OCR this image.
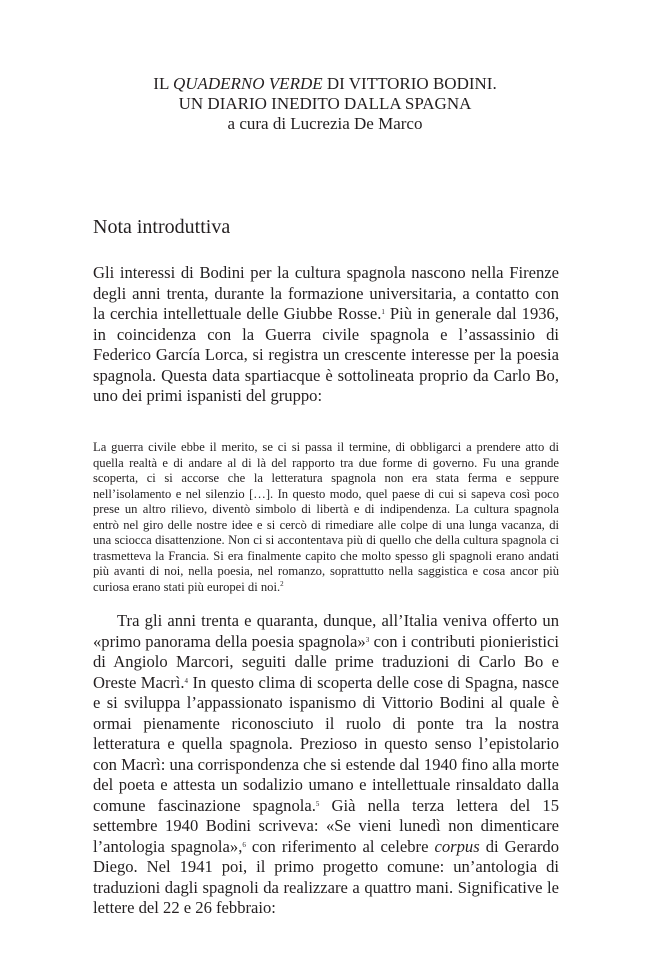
IL QUADERNO VERDE DI VITTORIO BODINI.
UN DIARIO INEDITO DALLA SPAGNA
a cura di Lucrezia De Marco
Nota introduttiva

Gli interessi di Bodini per la cultura spagnola nascono nella Firenze degli anni trenta, durante la formazione universitaria, a contatto con la cerchia intellettuale delle Giubbe Rosse.$^1$ Più in generale dal 1936, in coincidenza con la Guerra civile spagnola e l’assassinio di Federico García Lorca, si registra un crescente interesse per la poesia spagnola. Questa data spartiacque è sottolineata proprio da Carlo Bo, uno dei primi ispanisti del gruppo:

La guerra civile ebbe il merito, se ci si passa il termine, di obbligarci a prendere atto di quella realtà e di andare al di là del rapporto tra due forme di governo. Fu una grande scoperta, ci si accorse che la letteratura spagnola non era stata ferma e seppure nell’isolamento e nel silenzio […]. In questo modo, quel paese di cui si sapeva così poco prese un altro rilievo, diventò simbolo di libertà e di indipendenza. La cultura spagnola entrò nel giro delle nostre idee e si cercò di rimediare alle colpe di una lunga vacanza, di una sciocca disattenzione. Non ci si accontentava più di quello che della cultura spagnola ci trasmetteva la Francia. Si era finalmente capito che molto spesso gli spagnoli erano andati più avanti di noi, nella poesia, nel romanzo, soprattutto nella saggistica e cosa ancor più curiosa erano stati più europei di noi.$^2$

Tra gli anni trenta e quaranta, dunque, all’Italia veniva offerto un «primo panorama della poesia spagnola»$^3$ con i contributi pionieristici di Angiolo Marcori, seguiti dalle prime traduzioni di Carlo Bo e Oreste Macrì.$^4$ In questo clima di scoperta delle cose di Spagna, nasce e si sviluppa l’appassionato ispanismo di Vittorio Bodini al quale è ormai pienamente riconosciuto il ruolo di ponte tra la nostra letteratura e quella spagnola. Prezioso in questo senso l’epistolario con Macrì: una corrispondenza che si estende dal 1940 fino alla morte del poeta e attesta un sodalizio umano e intellettuale rinsaldato dalla comune fascinazione spagnola.$^5$ Già nella terza lettera del 15 settembre 1940 Bodini scriveva: «Se vieni lunedì non dimenticare l’antologia spagnola»,$^6$ con riferimento al celebre corpus di Gerardo Diego. Nel 1941 poi, il primo progetto comune: un’antologia di traduzioni dagli spagnoli da realizzare a quattro mani. Significative le lettere del 22 e 26 febbraio:
